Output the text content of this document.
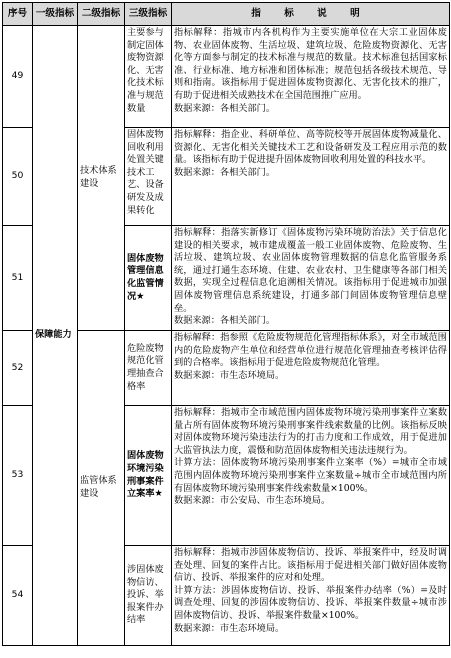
序号	一级指标	二级指标	三级指标	指 标 说 明
49	保障能力	技术体系建设	主要参与制定固体废物资源化、无害化技术标准与规范数量	指标解释：指城市内各机构作为主要实施单位在大宗工业固体废物、农业固体废物、生活垃圾、建筑垃圾、危险废物资源化、无害化等方面参与制定的技术标准与规范的数量。技术标准包括国家标准、行业标准、地方标准和团体标准；规范包括各级技术规范、导则和指南。该指标用于促进固体废物资源化、无害化技术的推广，有助于促进相关成熟技术在全国范围推广应用。

数据来源：各相关部门。

50			固体废物回收利用处置关键技术工艺、设备研发及成果转化	指标解释：指企业、科研单位、高等院校等开展固体废物减量化、资源化、无害化相关关键技术工艺和设备研发及工程应用示范的数量。该指标有助于促进提升固体废物回收利用处置的科技水平。

数据来源：各相关部门。

51			固体废物管理信息化监管情况★	指标解释：指落实新修订《固体废物污染环境防治法》关于信息化建设的相关要求，城市建成覆盖一般工业固体废物、危险废物、生活垃圾、建筑垃圾、农业固体废物管理数据的信息化监管服务系统，通过打通生态环境、住建、农业农村、卫生健康等各部门相关数据，实现全过程信息化追溯相关情况。该指标用于促进城市加强固体废物管理信息系统建设，打通多部门间固体废物管理信息壁垒。

数据来源：各相关部门。

52		监管体系建设	危险废物规范化管理抽查合格率	指标解释：指参照《危险废物规范化管理指标体系》，对全市域范围内的危险废物产生单位和经营单位进行规范化管理抽查考核评估得到的合格率。该指标用于促进危险废物规范化管理。

数据来源：市生态环境局。

53			固体废物环境污染刑事案件立案率★	指标解释：指城市全市域范围内固体废物环境污染刑事案件立案数量占所有固体废物环境污染刑事案件线索数量的比例。该指标反映对固体废物环境污染违法行为的打击力度和工作成效，用于促进加大监管执法力度，震慑和防范固体废物相关违法违规行为。

计算方法：固体废物环境污染刑事案件立案率（%）=城市全市域范围内固体废物环境污染刑事案件立案数量÷城市全市域范围内所有固体废物环境污染刑事案件线索数量×100%。

数据来源：市公安局、市生态环境局。

54			涉固体废物信访、投诉、举报案件办结率	指标解释：指城市涉固体废物信访、投诉、举报案件中，经及时调查处理、回复的案件占比。该指标用于促进相关部门做好固体废物信访、投诉、举报案件的应对和处理。

计算方法：涉固体废物信访、投诉、举报案件办结率（%）=及时调查处理、回复的涉固体废物信访、投诉、举报案件数量÷城市涉固体废物信访、投诉、举报案件数量×100%。

数据来源：市生态环境局。
